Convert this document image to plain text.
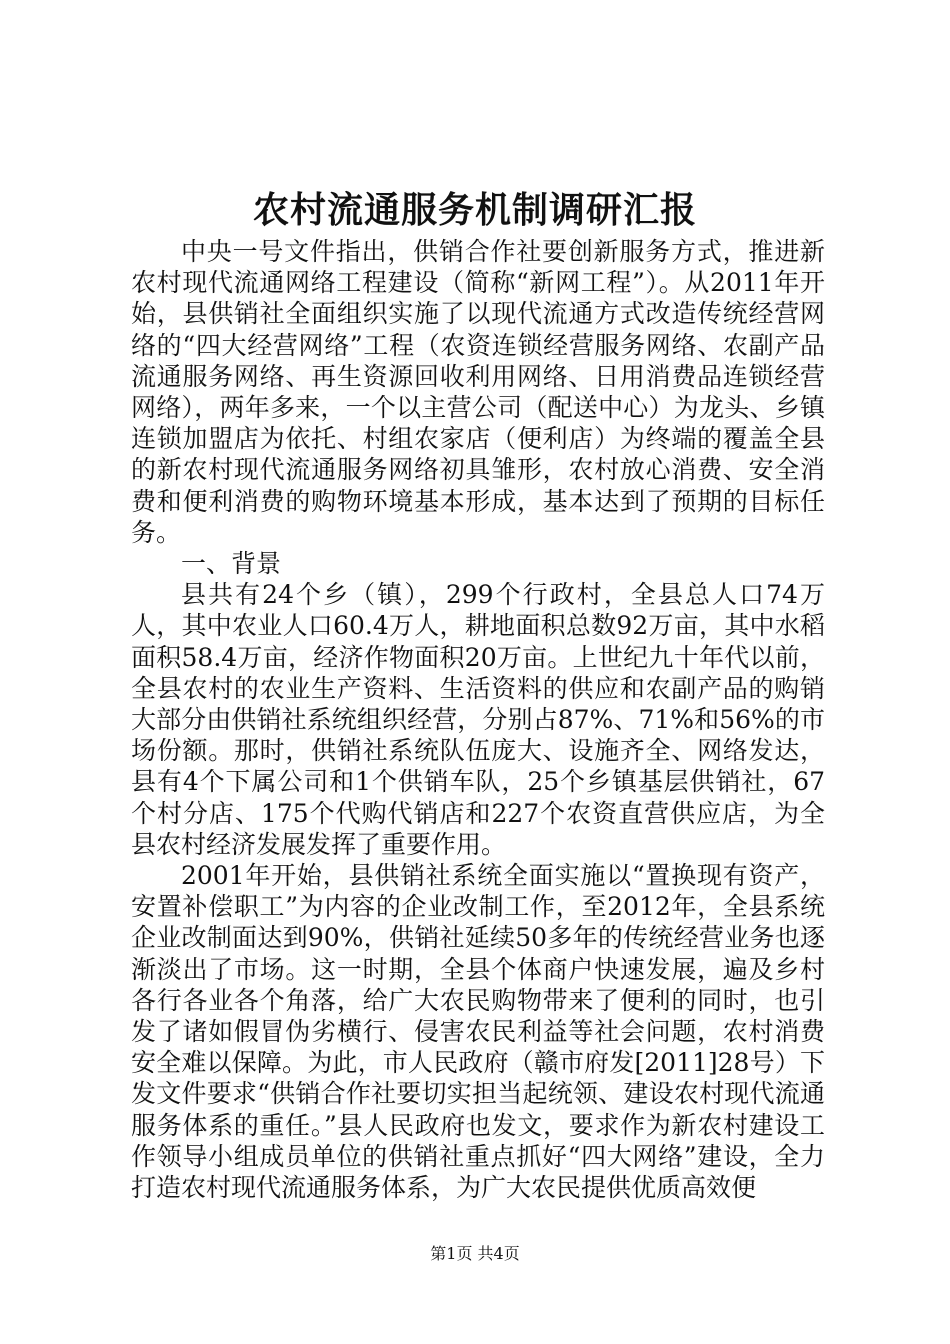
农村流通服务机制调研汇报

中央一号文件指出，供销合作社要创新服务方式，推进新农村现代流通网络工程建设（简称“新网工程”）。从2011年开始，县供销社全面组织实施了以现代流通方式改造传统经营网络的“四大经营网络”工程（农资连锁经营服务网络、农副产品流通服务网络、再生资源回收利用网络、日用消费品连锁经营网络），两年多来，一个以主营公司（配送中心）为龙头、乡镇连锁加盟店为依托、村组农家店（便利店）为终端的覆盖全县的新农村现代流通服务网络初具雏形，农村放心消费、安全消费和便利消费的购物环境基本形成，基本达到了预期的目标任务。

一、背景

县共有24个乡（镇），299个行政村，全县总人口74万人，其中农业人口60.4万人，耕地面积总数92万亩，其中水稻面积58.4万亩，经济作物面积20万亩。上世纪九十年代以前，全县农村的农业生产资料、生活资料的供应和农副产品的购销大部分由供销社系统组织经营，分别占87%、71%和56%的市场份额。那时，供销社系统队伍庞大、设施齐全、网络发达，县有4个下属公司和1个供销车队，25个乡镇基层供销社，67个村分店、175个代购代销店和227个农资直营供应店，为全县农村经济发展发挥了重要作用。

2001年开始，县供销社系统全面实施以“置换现有资产，安置补偿职工”为内容的企业改制工作，至2012年，全县系统企业改制面达到90%，供销社延续50多年的传统经营业务也逐渐淡出了市场。这一时期，全县个体商户快速发展，遍及乡村各行各业各个角落，给广大农民购物带来了便利的同时，也引发了诸如假冒伪劣横行、侵害农民利益等社会问题，农村消费安全难以保障。为此，市人民政府（赣市府发[2011]28号）下发文件要求“供销合作社要切实担当起统领、建设农村现代流通服务体系的重任。”县人民政府也发文，要求作为新农村建设工作领导小组成员单位的供销社重点抓好“四大网络”建设，全力打造农村现代流通服务体系，为广大农民提供优质高效便

第1页 共4页
